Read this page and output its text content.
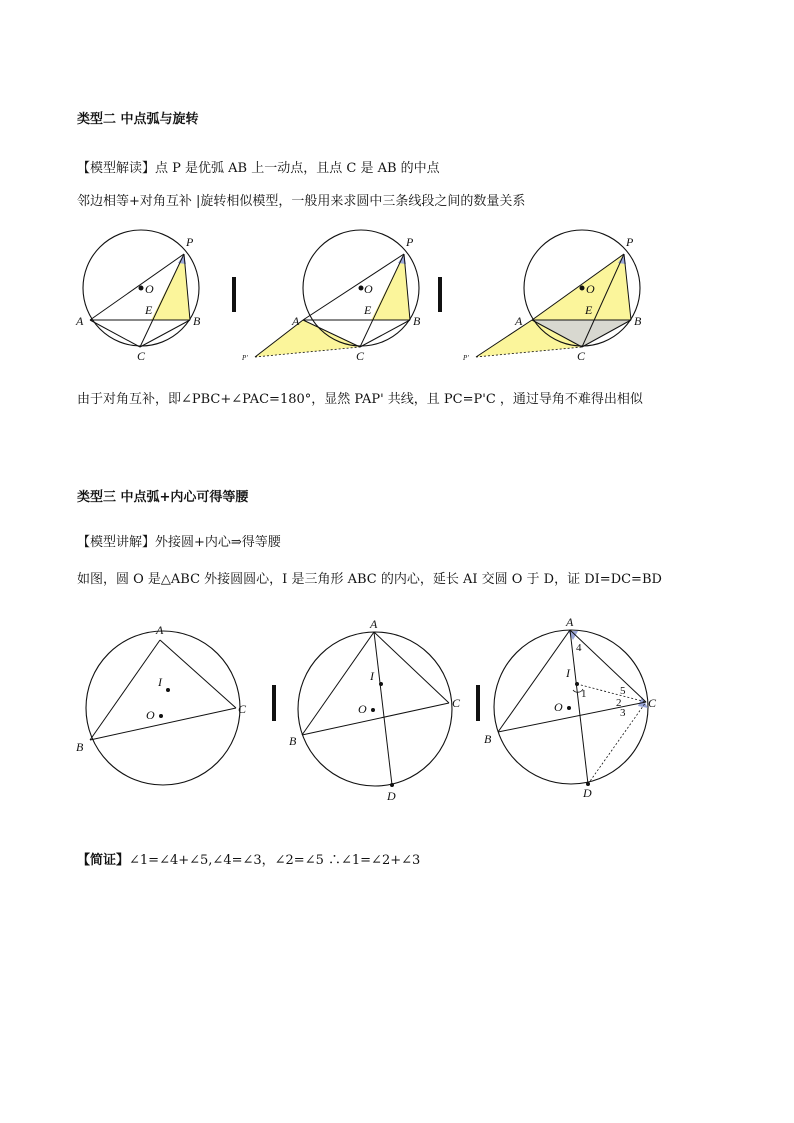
类型二 中点弧与旋转
【模型解读】点 P 是优弧 AB 上一动点，且点 C 是 AB 的中点
邻边相等+对角互补 |旋转相似模型，一般用来求圆中三条线段之间的数量关系
P
A	B
C
E
O
P
A	B
C
E
O
P'
P
A	B
C
E
O
P'
由于对角互补，即∠PBC+∠PAC=180°，显然 PAP' 共线，且 PC=P'C ，通过导角不难得出相似
类型三 中点弧+内心可得等腰
【模型讲解】外接圆+内心⇒得等腰
如图，圆 O 是△ABC 外接圆圆心，I 是三角形 ABC 的内心，延长 AI 交圆 O 于 D，证 DI=DC=BD
A
I
O	C
B
A
I
O	C
B
D
A
4
I
1
O
5
2
3
C
B
D
【简证】∠1=∠4+∠5,∠4=∠3，∠2=∠5 ∴∠1=∠2+∠3
